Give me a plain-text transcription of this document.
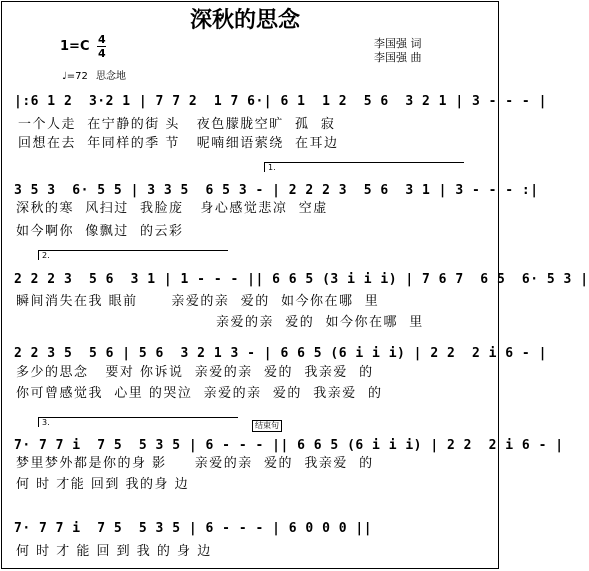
深秋的思念
1=C 4
4
李国强 词
李国强 曲
♩=72 思念地
|:6 1 2  3·2 1 | 7 7 2  1 7 6·| 6 1  1 2  5 6  3 2 1 | 3 - - - |
一个人走  在宁静的街 头   夜色朦胧空旷  孤  寂
回想在去  年同样的季 节   呢喃细语萦绕  在耳边
1.
3 5 3  6· 5 5 | 3 3 5  6 5 3 - | 2 2 2 3  5 6  3 1 | 3 - - - :|
深秋的寒  风扫过  我脸庞   身心感觉悲凉  空虚
如今啊你  像飘过  的云彩
2.
2 2 2 3  5 6  3 1 | 1 - - - || 6 6 5 (3 i i i) | 7 6 7  6 5  6· 5 3 |
瞬间消失在我 眼前      亲爱的亲  爱的  如今你在哪  里
亲爱的亲  爱的  如今你在哪  里
2 2 3 5  5 6 | 5 6  3 2 1 3 - | 6 6 5 (6 i i i) | 2 2  2 i 6 - |
多少的思念   要对 你诉说  亲爱的亲  爱的  我亲爱  的
你可曾感觉我  心里 的哭泣  亲爱的亲  爱的  我亲爱  的
3.	结束句
7· 7 7 i  7 5  5 3 5 | 6 - - - || 6 6 5 (6 i i i) | 2 2  2 i 6 - |
梦里梦外都是你的身 影     亲爱的亲  爱的  我亲爱  的
何 时 才能 回到 我的身 边
7· 7 7 i  7 5  5 3 5 | 6 - - - | 6 0 0 0 ||
何 时 才 能 回 到 我 的 身 边
